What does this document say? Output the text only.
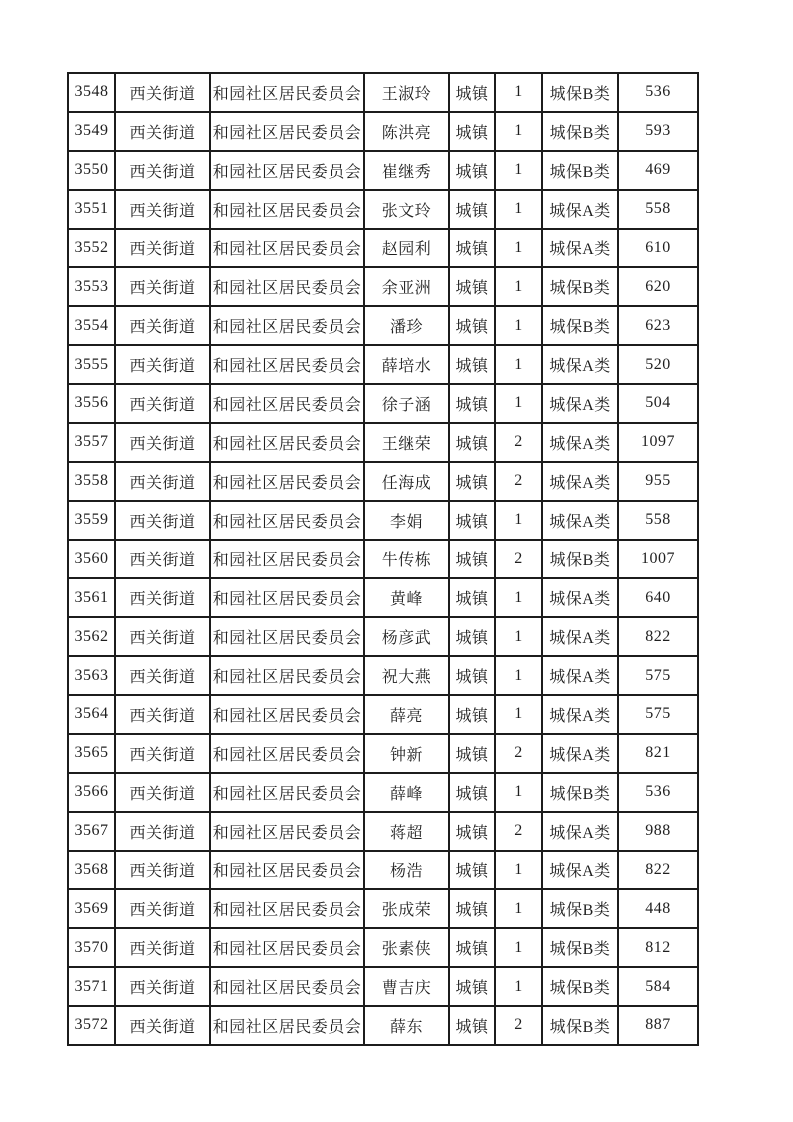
3548	西关街道	和园社区居民委员会	王淑玲	城镇	1	城保B类	536
3549	西关街道	和园社区居民委员会	陈洪亮	城镇	1	城保B类	593
3550	西关街道	和园社区居民委员会	崔继秀	城镇	1	城保B类	469
3551	西关街道	和园社区居民委员会	张文玲	城镇	1	城保A类	558
3552	西关街道	和园社区居民委员会	赵园利	城镇	1	城保A类	610
3553	西关街道	和园社区居民委员会	余亚洲	城镇	1	城保B类	620
3554	西关街道	和园社区居民委员会	潘珍	城镇	1	城保B类	623
3555	西关街道	和园社区居民委员会	薛培水	城镇	1	城保A类	520
3556	西关街道	和园社区居民委员会	徐子涵	城镇	1	城保A类	504
3557	西关街道	和园社区居民委员会	王继荣	城镇	2	城保A类	1097
3558	西关街道	和园社区居民委员会	任海成	城镇	2	城保A类	955
3559	西关街道	和园社区居民委员会	李娟	城镇	1	城保A类	558
3560	西关街道	和园社区居民委员会	牛传栋	城镇	2	城保B类	1007
3561	西关街道	和园社区居民委员会	黄峰	城镇	1	城保A类	640
3562	西关街道	和园社区居民委员会	杨彦武	城镇	1	城保A类	822
3563	西关街道	和园社区居民委员会	祝大燕	城镇	1	城保A类	575
3564	西关街道	和园社区居民委员会	薛亮	城镇	1	城保A类	575
3565	西关街道	和园社区居民委员会	钟新	城镇	2	城保A类	821
3566	西关街道	和园社区居民委员会	薛峰	城镇	1	城保B类	536
3567	西关街道	和园社区居民委员会	蒋超	城镇	2	城保A类	988
3568	西关街道	和园社区居民委员会	杨浩	城镇	1	城保A类	822
3569	西关街道	和园社区居民委员会	张成荣	城镇	1	城保B类	448
3570	西关街道	和园社区居民委员会	张素侠	城镇	1	城保B类	812
3571	西关街道	和园社区居民委员会	曹吉庆	城镇	1	城保B类	584
3572	西关街道	和园社区居民委员会	薛东	城镇	2	城保B类	887
